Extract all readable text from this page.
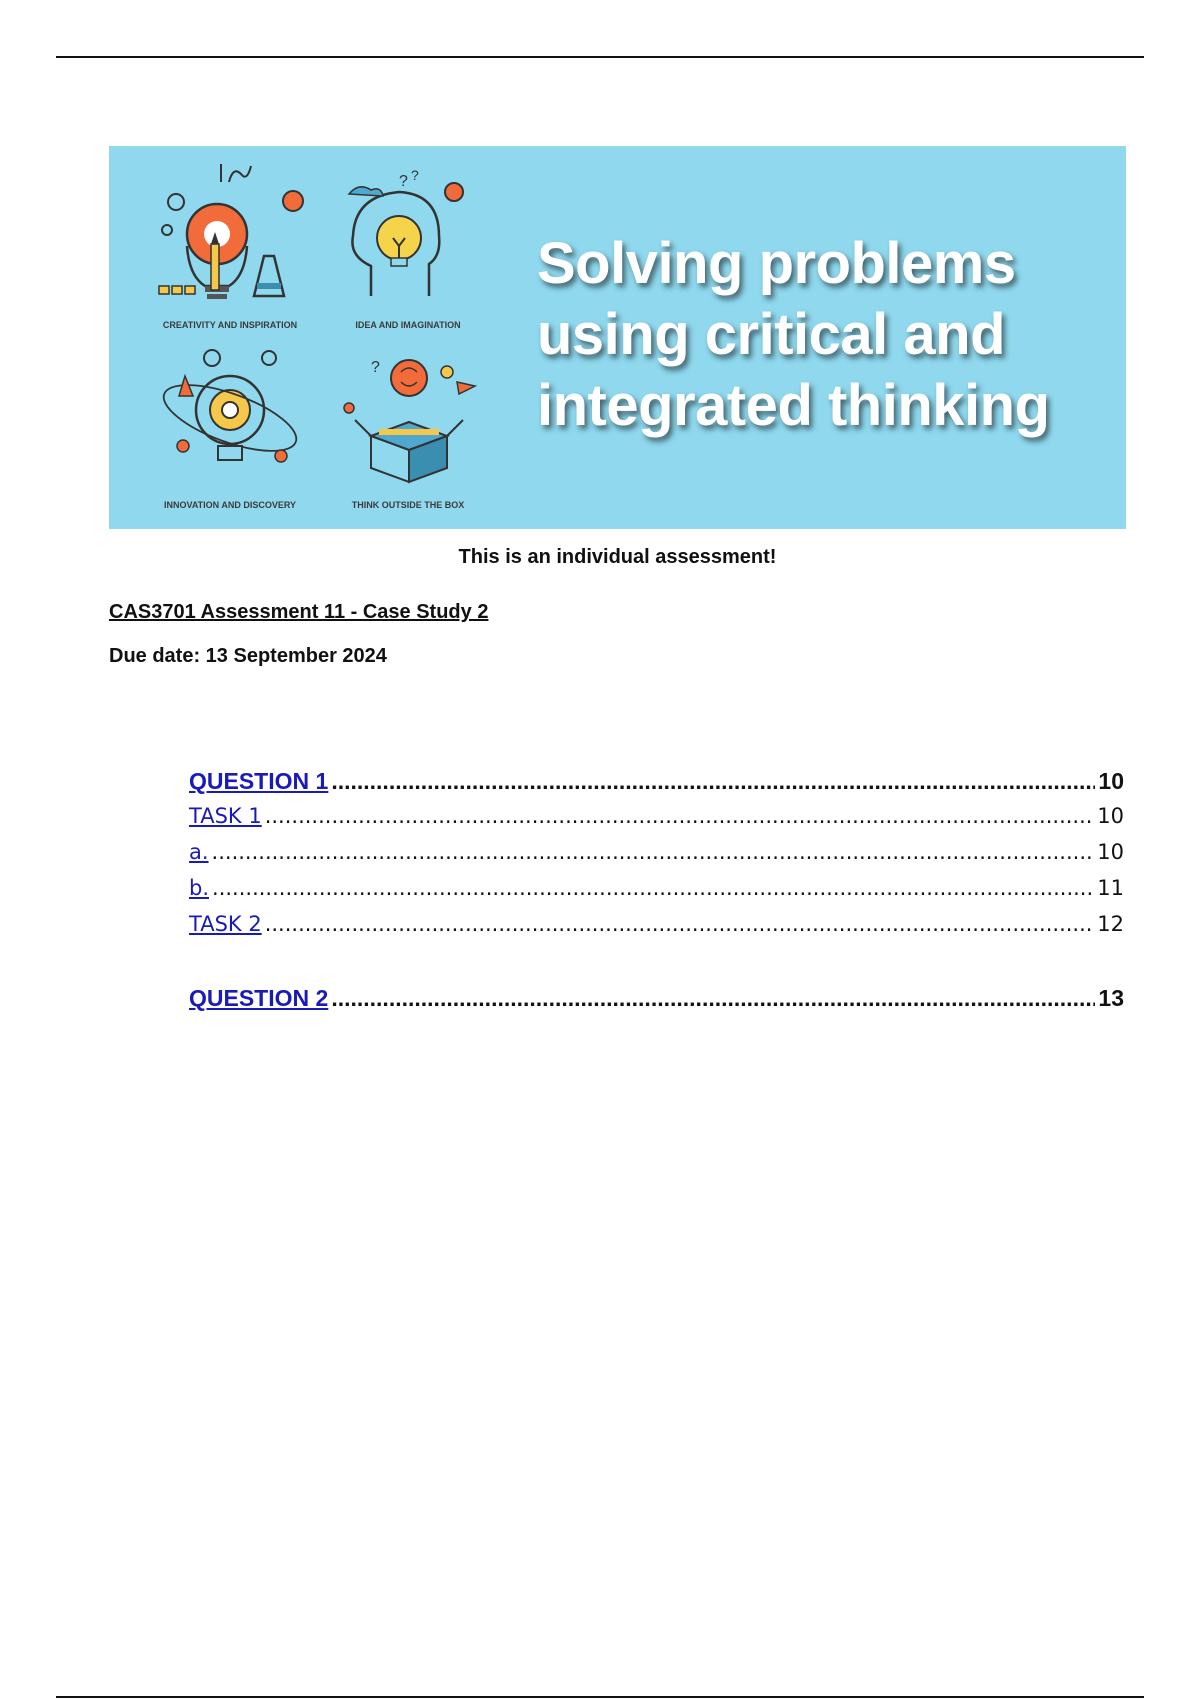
CREATIVITY AND INSPIRATION
? ?
IDEA AND IMAGINATION
INNOVATION AND DISCOVERY
?
THINK OUTSIDE THE BOX
Solving problems
using critical and
integrated thinking
This is an individual assessment!
CAS3701 Assessment 11 - Case Study 2
Due date: 13 September 2024
QUESTION 1 .....	10
TASK 1 .....	10
a. .....	10
b. .....	11
TASK 2 .....	12
QUESTION 2 .....	13
